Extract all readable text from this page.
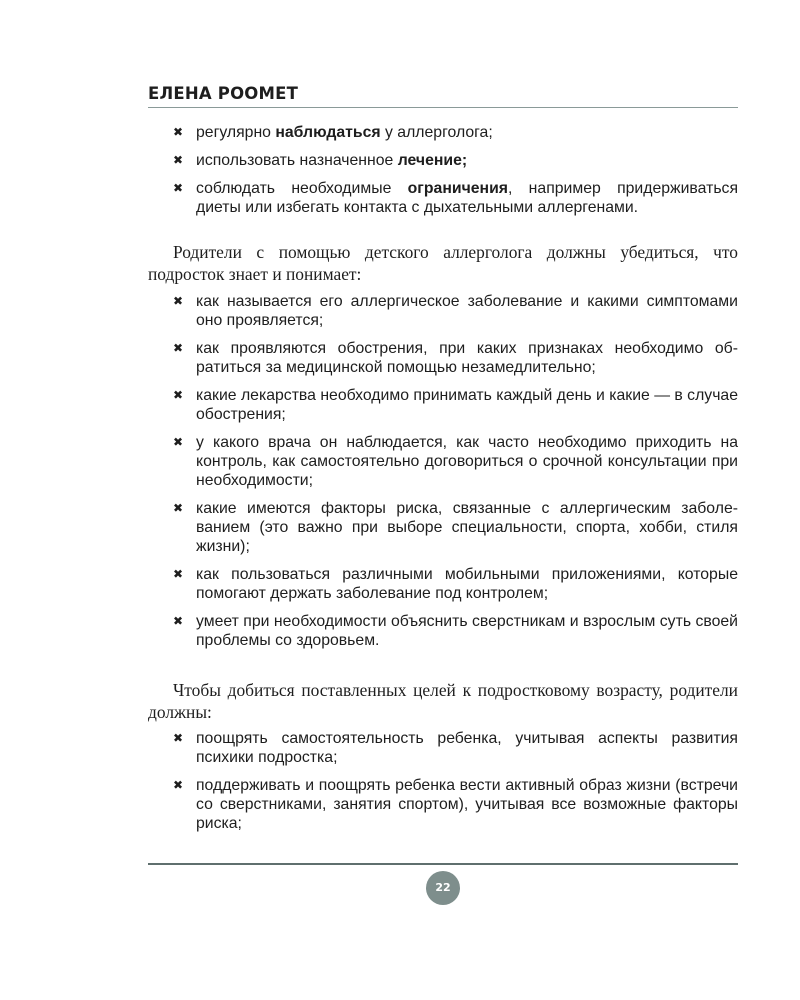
ЕЛЕНА РООМЕТ
✖ регулярно наблюдаться у аллерголога;
✖ использовать назначенное лечение;
✖ соблюдать необходимые ограничения, например придерживаться диеты или избегать контакта с дыхательными аллергенами.

Родители с помощью детского аллерголога должны убедиться, что подросток знает и понимает:

✖ как называется его аллергическое заболевание и какими симптомами оно проявляется;
✖ как проявляются обострения, при каких признаках необходимо обратиться за медицинской помощью незамедлительно;
✖ какие лекарства необходимо принимать каждый день и какие — в случае обострения;
✖ у какого врача он наблюдается, как часто необходимо приходить на контроль, как самостоятельно договориться о срочной консультации при необходимости;
✖ какие имеются факторы риска, связанные с аллергическим заболеванием (это важно при выборе специальности, спорта, хобби, стиля жизни);
✖ как пользоваться различными мобильными приложениями, которые помогают держать заболевание под контролем;
✖ умеет при необходимости объяснить сверстникам и взрослым суть своей проблемы со здоровьем.

Чтобы добиться поставленных целей к подростковому возрасту, родители должны:

✖ поощрять самостоятельность ребенка, учитывая аспекты развития психики подростка;
✖ поддерживать и поощрять ребенка вести активный образ жизни (встречи со сверстниками, занятия спортом), учитывая все возможные факторы риска;
22
